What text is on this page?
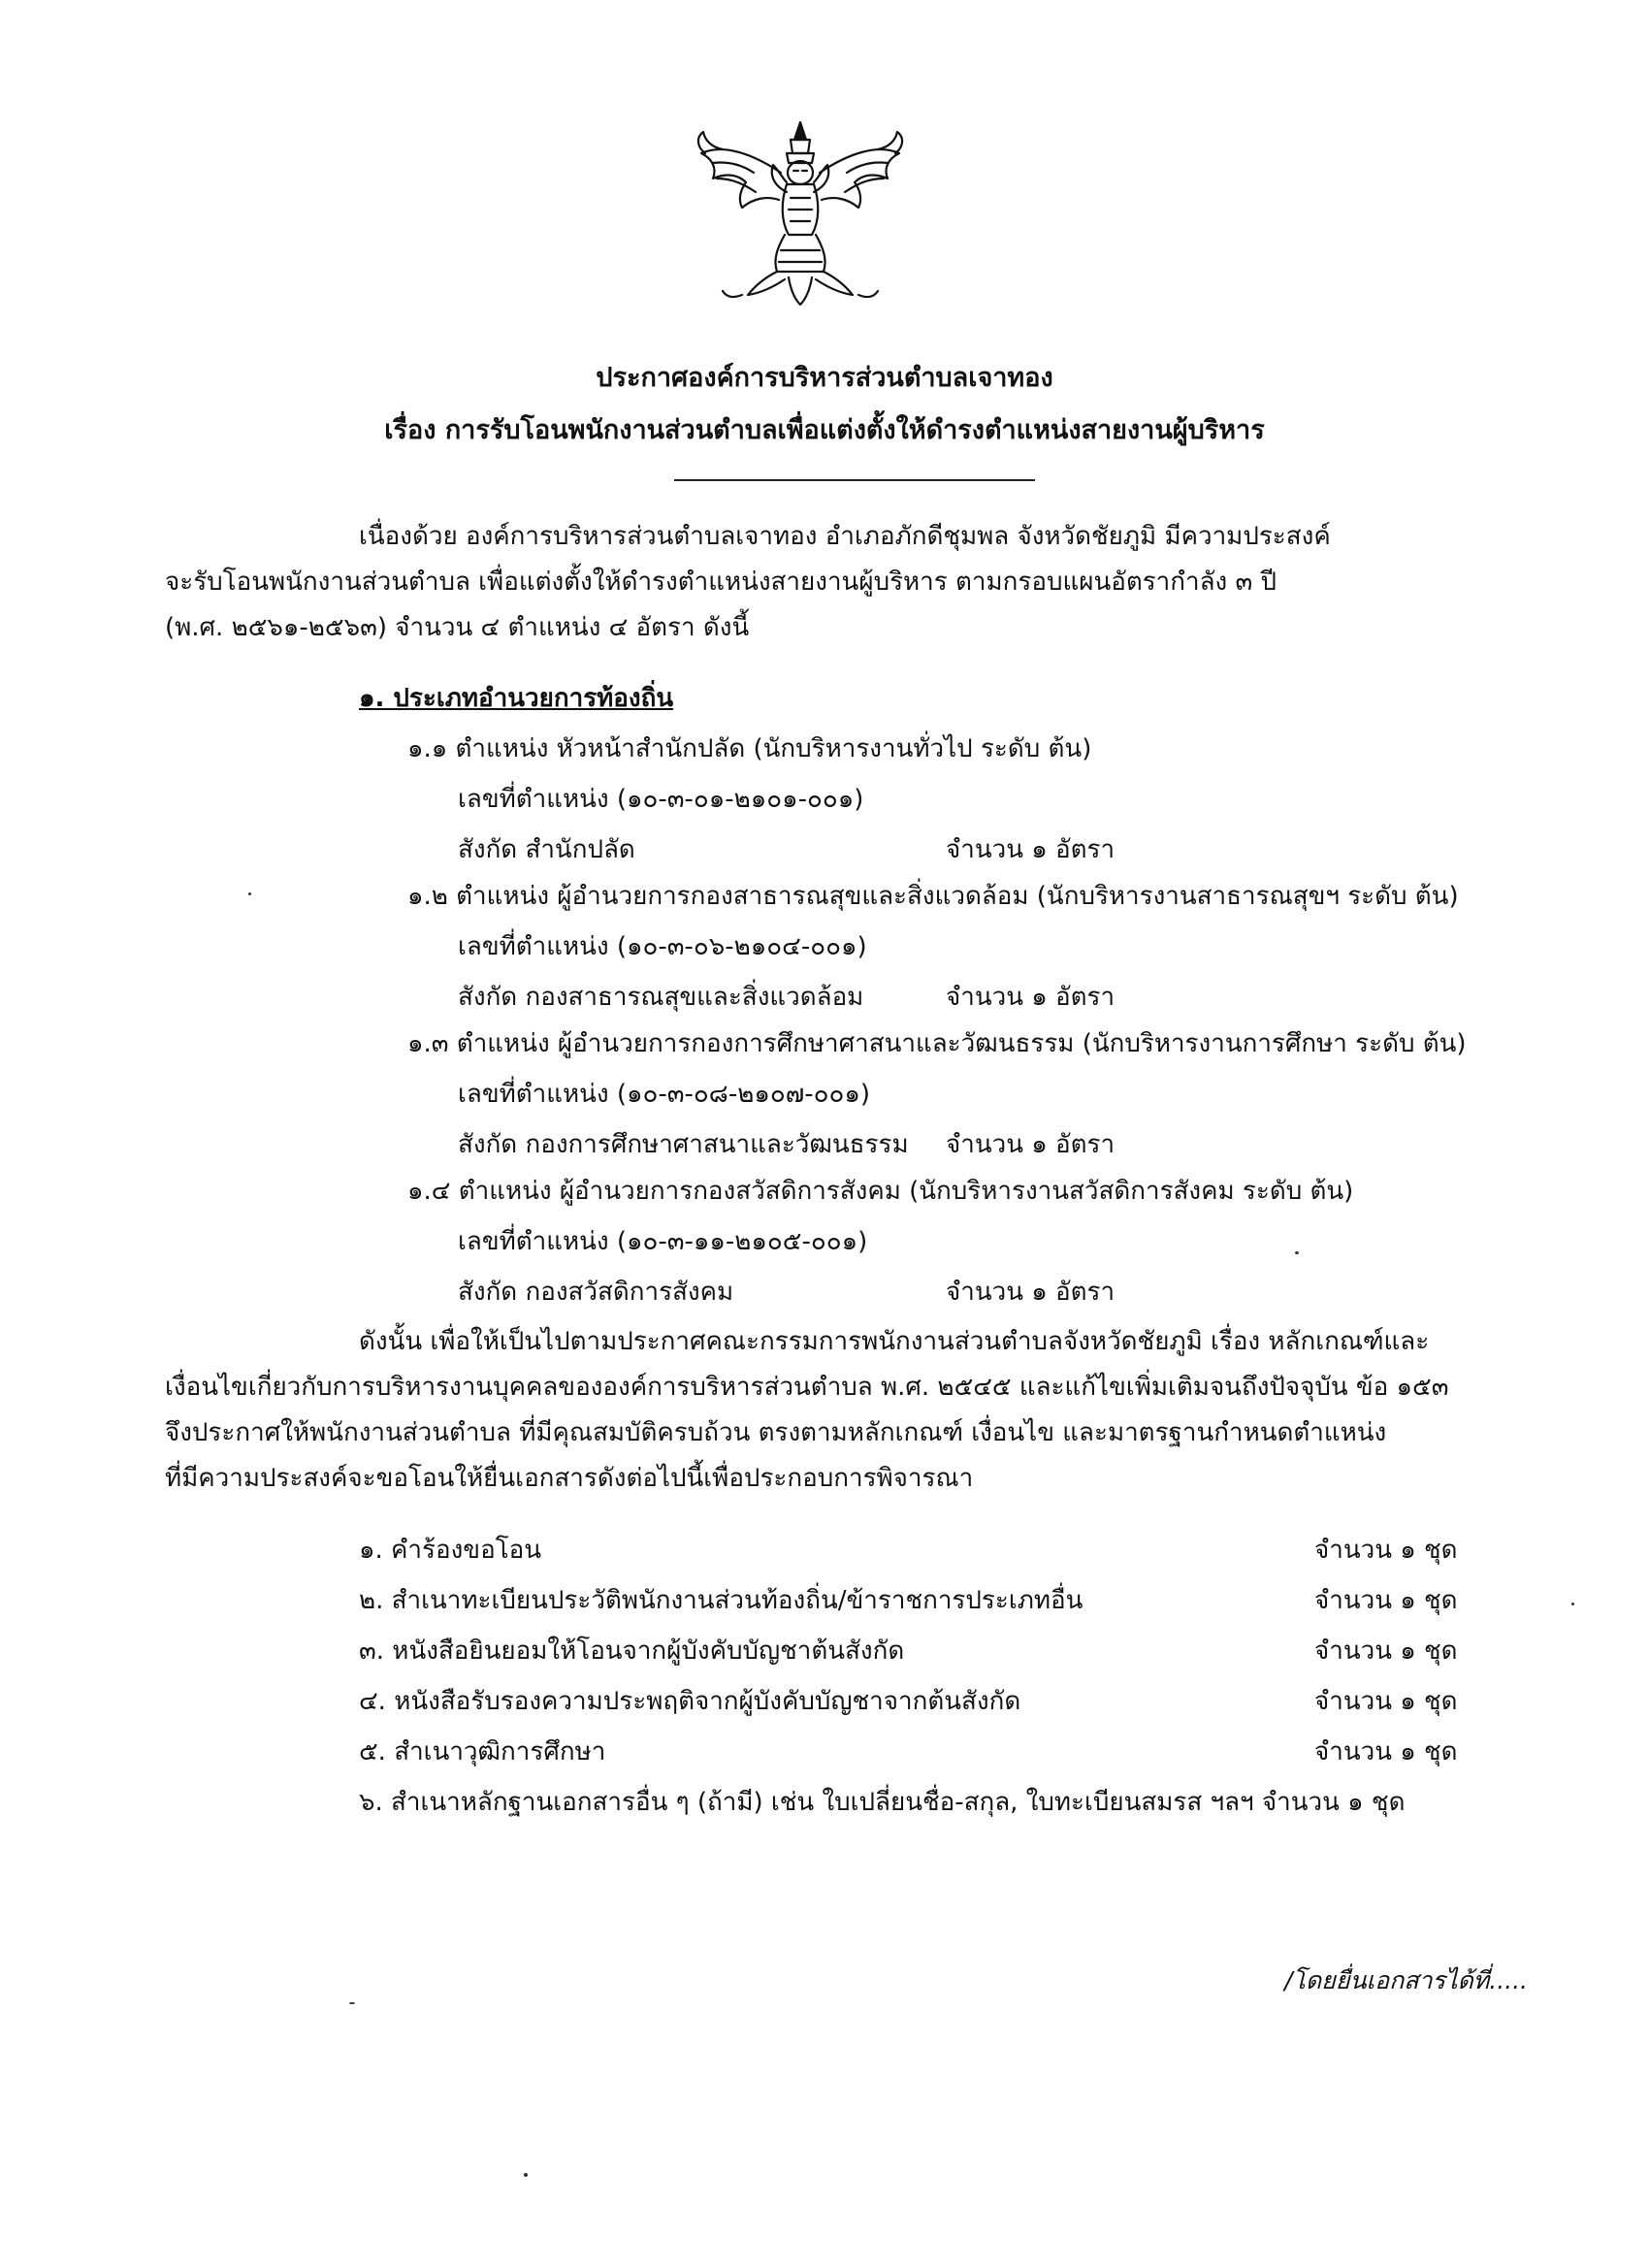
ประกาศองค์การบริหารส่วนตำบลเจาทอง
เรื่อง การรับโอนพนักงานส่วนตำบลเพื่อแต่งตั้งให้ดำรงตำแหน่งสายงานผู้บริหาร

เนื่องด้วย องค์การบริหารส่วนตำบลเจาทอง อำเภอภักดีชุมพล จังหวัดชัยภูมิ มีความประสงค์

จะรับโอนพนักงานส่วนตำบล เพื่อแต่งตั้งให้ดำรงตำแหน่งสายงานผู้บริหาร ตามกรอบแผนอัตรากำลัง ๓ ปี

(พ.ศ. ๒๕๖๑-๒๕๖๓) จำนวน ๔ ตำแหน่ง ๔ อัตรา ดังนี้

๑. ประเภทอำนวยการท้องถิ่น
๑.๑ ตำแหน่ง หัวหน้าสำนักปลัด (นักบริหารงานทั่วไป ระดับ ต้น)
เลขที่ตำแหน่ง (๑๐-๓-๐๑-๒๑๐๑-๐๐๑)
สังกัด สำนักปลัด	จำนวน ๑ อัตรา
๑.๒ ตำแหน่ง ผู้อำนวยการกองสาธารณสุขและสิ่งแวดล้อม (นักบริหารงานสาธารณสุขฯ ระดับ ต้น)
เลขที่ตำแหน่ง (๑๐-๓-๐๖-๒๑๐๔-๐๐๑)
สังกัด กองสาธารณสุขและสิ่งแวดล้อม	จำนวน ๑ อัตรา
๑.๓ ตำแหน่ง ผู้อำนวยการกองการศึกษาศาสนาและวัฒนธรรม (นักบริหารงานการศึกษา ระดับ ต้น)
เลขที่ตำแหน่ง (๑๐-๓-๐๘-๒๑๐๗-๐๐๑)
สังกัด กองการศึกษาศาสนาและวัฒนธรรม จำนวน ๑ อัตรา
๑.๔ ตำแหน่ง ผู้อำนวยการกองสวัสดิการสังคม (นักบริหารงานสวัสดิการสังคม ระดับ ต้น)
เลขที่ตำแหน่ง (๑๐-๓-๑๑-๒๑๐๕-๐๐๑)
สังกัด กองสวัสดิการสังคม	จำนวน ๑ อัตรา

ดังนั้น เพื่อให้เป็นไปตามประกาศคณะกรรมการพนักงานส่วนตำบลจังหวัดชัยภูมิ เรื่อง หลักเกณฑ์และ

เงื่อนไขเกี่ยวกับการบริหารงานบุคคลขององค์การบริหารส่วนตำบล พ.ศ. ๒๕๔๕ และแก้ไขเพิ่มเติมจนถึงปัจจุบัน ข้อ ๑๕๓

จึงประกาศให้พนักงานส่วนตำบล ที่มีคุณสมบัติครบถ้วน ตรงตามหลักเกณฑ์ เงื่อนไข และมาตรฐานกำหนดตำแหน่ง

ที่มีความประสงค์จะขอโอนให้ยื่นเอกสารดังต่อไปนี้เพื่อประกอบการพิจารณา

๑. คำร้องขอโอน	จำนวน ๑ ชุด
๒. สำเนาทะเบียนประวัติพนักงานส่วนท้องถิ่น/ข้าราชการประเภทอื่น	จำนวน ๑ ชุด
๓. หนังสือยินยอมให้โอนจากผู้บังคับบัญชาต้นสังกัด	จำนวน ๑ ชุด
๔. หนังสือรับรองความประพฤติจากผู้บังคับบัญชาจากต้นสังกัด	จำนวน ๑ ชุด
๕. สำเนาวุฒิการศึกษา	จำนวน ๑ ชุด
๖. สำเนาหลักฐานเอกสารอื่น ๆ (ถ้ามี) เช่น ใบเปลี่ยนชื่อ-สกุล, ใบทะเบียนสมรส ฯลฯ จำนวน ๑ ชุด
/โดยยื่นเอกสารได้ที่.....
